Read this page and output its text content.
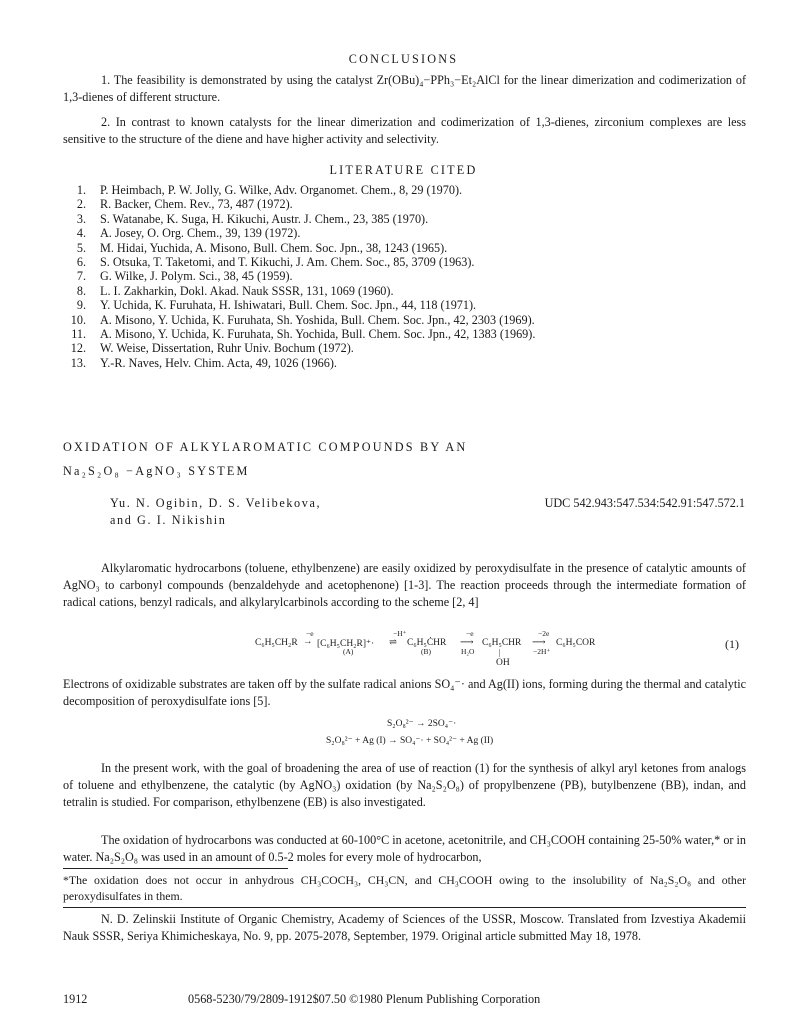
CONCLUSIONS
1. The feasibility is demonstrated by using the catalyst Zr(OBu)₄−PPh₃−Et₂AlCl for the linear dimerization and codimerization of 1,3-dienes of different structure.
2. In contrast to known catalysts for the linear dimerization and codimerization of 1,3-dienes, zirconium complexes are less sensitive to the structure of the diene and have higher activity and selectivity.
LITERATURE CITED
1. P. Heimbach, P. W. Jolly, G. Wilke, Adv. Organomet. Chem., 8, 29 (1970).
2. R. Backer, Chem. Rev., 73, 487 (1972).
3. S. Watanabe, K. Suga, H. Kikuchi, Austr. J. Chem., 23, 385 (1970).
4. A. Josey, O. Org. Chem., 39, 139 (1972).
5. M. Hidai, Yuchida, A. Misono, Bull. Chem. Soc. Jpn., 38, 1243 (1965).
6. S. Otsuka, T. Taketomi, and T. Kikuchi, J. Am. Chem. Soc., 85, 3709 (1963).
7. G. Wilke, J. Polym. Sci., 38, 45 (1959).
8. L. I. Zakharkin, Dokl. Akad. Nauk SSSR, 131, 1069 (1960).
9. Y. Uchida, K. Furuhata, H. Ishiwatari, Bull. Chem. Soc. Jpn., 44, 118 (1971).
10. A. Misono, Y. Uchida, K. Furuhata, Sh. Yoshida, Bull. Chem. Soc. Jpn., 42, 2303 (1969).
11. A. Misono, Y. Uchida, K. Furuhata, Sh. Yochida, Bull. Chem. Soc. Jpn., 42, 1383 (1969).
12. W. Weise, Dissertation, Ruhr Univ. Bochum (1972).
13. Y.-R. Naves, Helv. Chim. Acta, 49, 1026 (1966).
OXIDATION OF ALKYLAROMATIC COMPOUNDS BY AN
Na₂S₂O₈ −AgNO₃ SYSTEM
Yu. N. Ogibin, D. S. Velibekova,
and G. I. Nikishin
UDC 542.943:547.534:542.91:547.572.1
Alkylaromatic hydrocarbons (toluene, ethylbenzene) are easily oxidized by peroxydisulfate in the presence of catalytic amounts of AgNO₃ to carbonyl compounds (benzaldehyde and acetophenone) [1-3]. The reaction proceeds through the intermediate formation of radical cations, benzyl radicals, and alkylarylcarbinols according to the scheme [2, 4]
C₆H₅CH₂R
−e
→ [C₆H₅CH₂R]⁺·
(A)
−H⁺
⇌ C₆H₅ĊHR
(B)
−e
⟶
H₂O
C₆H₅CHR
|
OH
−2e
⟶
−2H⁺
C₆H₅COR	(1)
Electrons of oxidizable substrates are taken off by the sulfate radical anions SO₄⁻· and Ag(II) ions, forming during the thermal and catalytic decomposition of peroxydisulfate ions [5].
S₂O₈²⁻ → 2SO₄⁻·
S₂O₈²⁻ + Ag (I) → SO₄⁻· + SO₄²⁻ + Ag (II)
In the present work, with the goal of broadening the area of use of reaction (1) for the synthesis of alkyl aryl ketones from analogs of toluene and ethylbenzene, the catalytic (by AgNO₃) oxidation (by Na₂S₂O₈) of propylbenzene (PB), butylbenzene (BB), indan, and tetralin is studied. For comparison, ethylbenzene (EB) is also investigated.
The oxidation of hydrocarbons was conducted at 60-100°C in acetone, acetonitrile, and CH₃COOH containing 25-50% water,* or in water. Na₂S₂O₈ was used in an amount of 0.5-2 moles for every mole of hydrocarbon,
*The oxidation does not occur in anhydrous CH₃COCH₃, CH₃CN, and CH₃COOH owing to the insolubility of Na₂S₂O₈ and other peroxydisulfates in them.
N. D. Zelinskii Institute of Organic Chemistry, Academy of Sciences of the USSR, Moscow. Translated from Izvestiya Akademii Nauk SSSR, Seriya Khimicheskaya, No. 9, pp. 2075-2078, September, 1979. Original article submitted May 18, 1978.
1912	0568-5230/79/2809-1912$07.50 ©1980 Plenum Publishing Corporation
